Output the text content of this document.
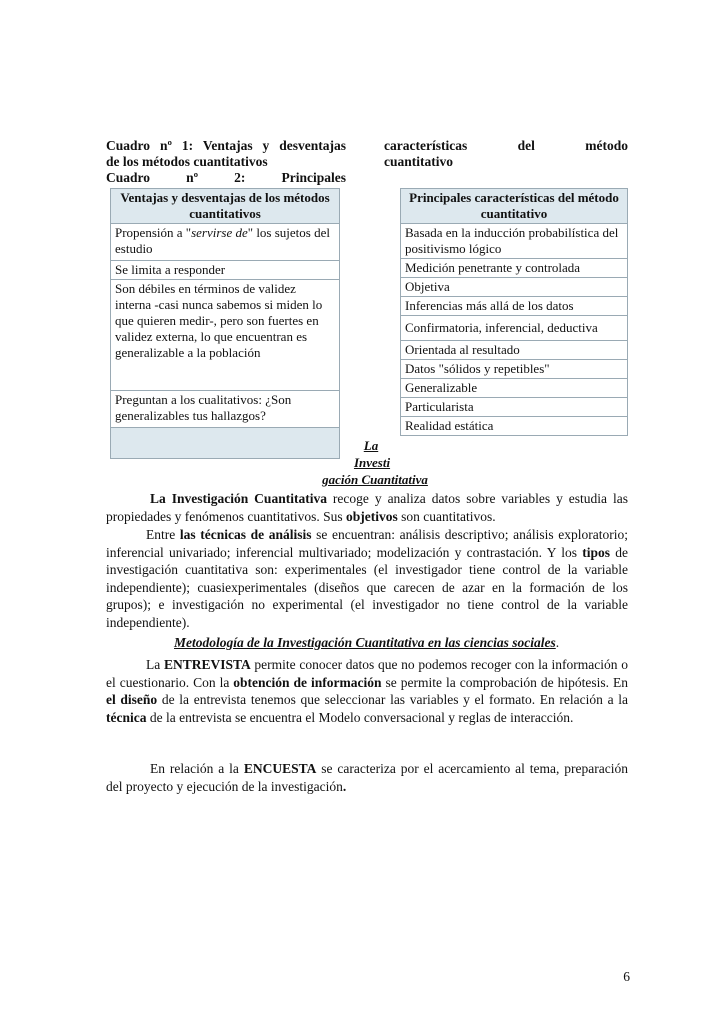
Cuadro nº 1: Ventajas y desventajas
de los métodos cuantitativos
Cuadro	nº	2:	Principales
características	del	método
cuantitativo
Ventajas y desventajas de los métodos cuantitativos
Propensión a "servirse de" los sujetos del estudio
Se limita a responder
Son débiles en términos de validez interna -casi nunca sabemos si miden lo que quieren medir-, pero son fuertes en validez externa, lo que encuentran es generalizable a la población
Preguntan a los cualitativos: ¿Son generalizables tus hallazgos?

Principales características del método cuantitativo
Basada en la inducción probabilística del positivismo lógico
Medición penetrante y controlada
Objetiva
Inferencias más allá de los datos
Confirmatoria, inferencial, deductiva
Orientada al resultado
Datos "sólidos y repetibles"
Generalizable
Particularista
Realidad estática
La
Investi
gación Cuantitativa

La Investigación Cuantitativa recoge y analiza datos sobre variables y estudia las propiedades y fenómenos cuantitativos. Sus objetivos son cuantitativos.

Entre las técnicas de análisis se encuentran: análisis descriptivo; análisis exploratorio; inferencial univariado; inferencial multivariado; modelización y contrastación. Y los tipos de investigación cuantitativa son: experimentales (el investigador tiene control de la variable independiente); cuasiexperimentales (diseños que carecen de azar en la formación de los grupos); e investigación no experimental (el investigador no tiene control de la variable independiente).

Metodología de la Investigación Cuantitativa en las ciencias sociales.

La ENTREVISTA permite conocer datos que no podemos recoger con la información o el cuestionario. Con la obtención de información se permite la comprobación de hipótesis. En el diseño de la entrevista tenemos que seleccionar las variables y el formato. En relación a la técnica de la entrevista se encuentra el Modelo conversacional y reglas de interacción.

En relación a la ENCUESTA se caracteriza por el acercamiento al tema, preparación del proyecto y ejecución de la investigación.

6
